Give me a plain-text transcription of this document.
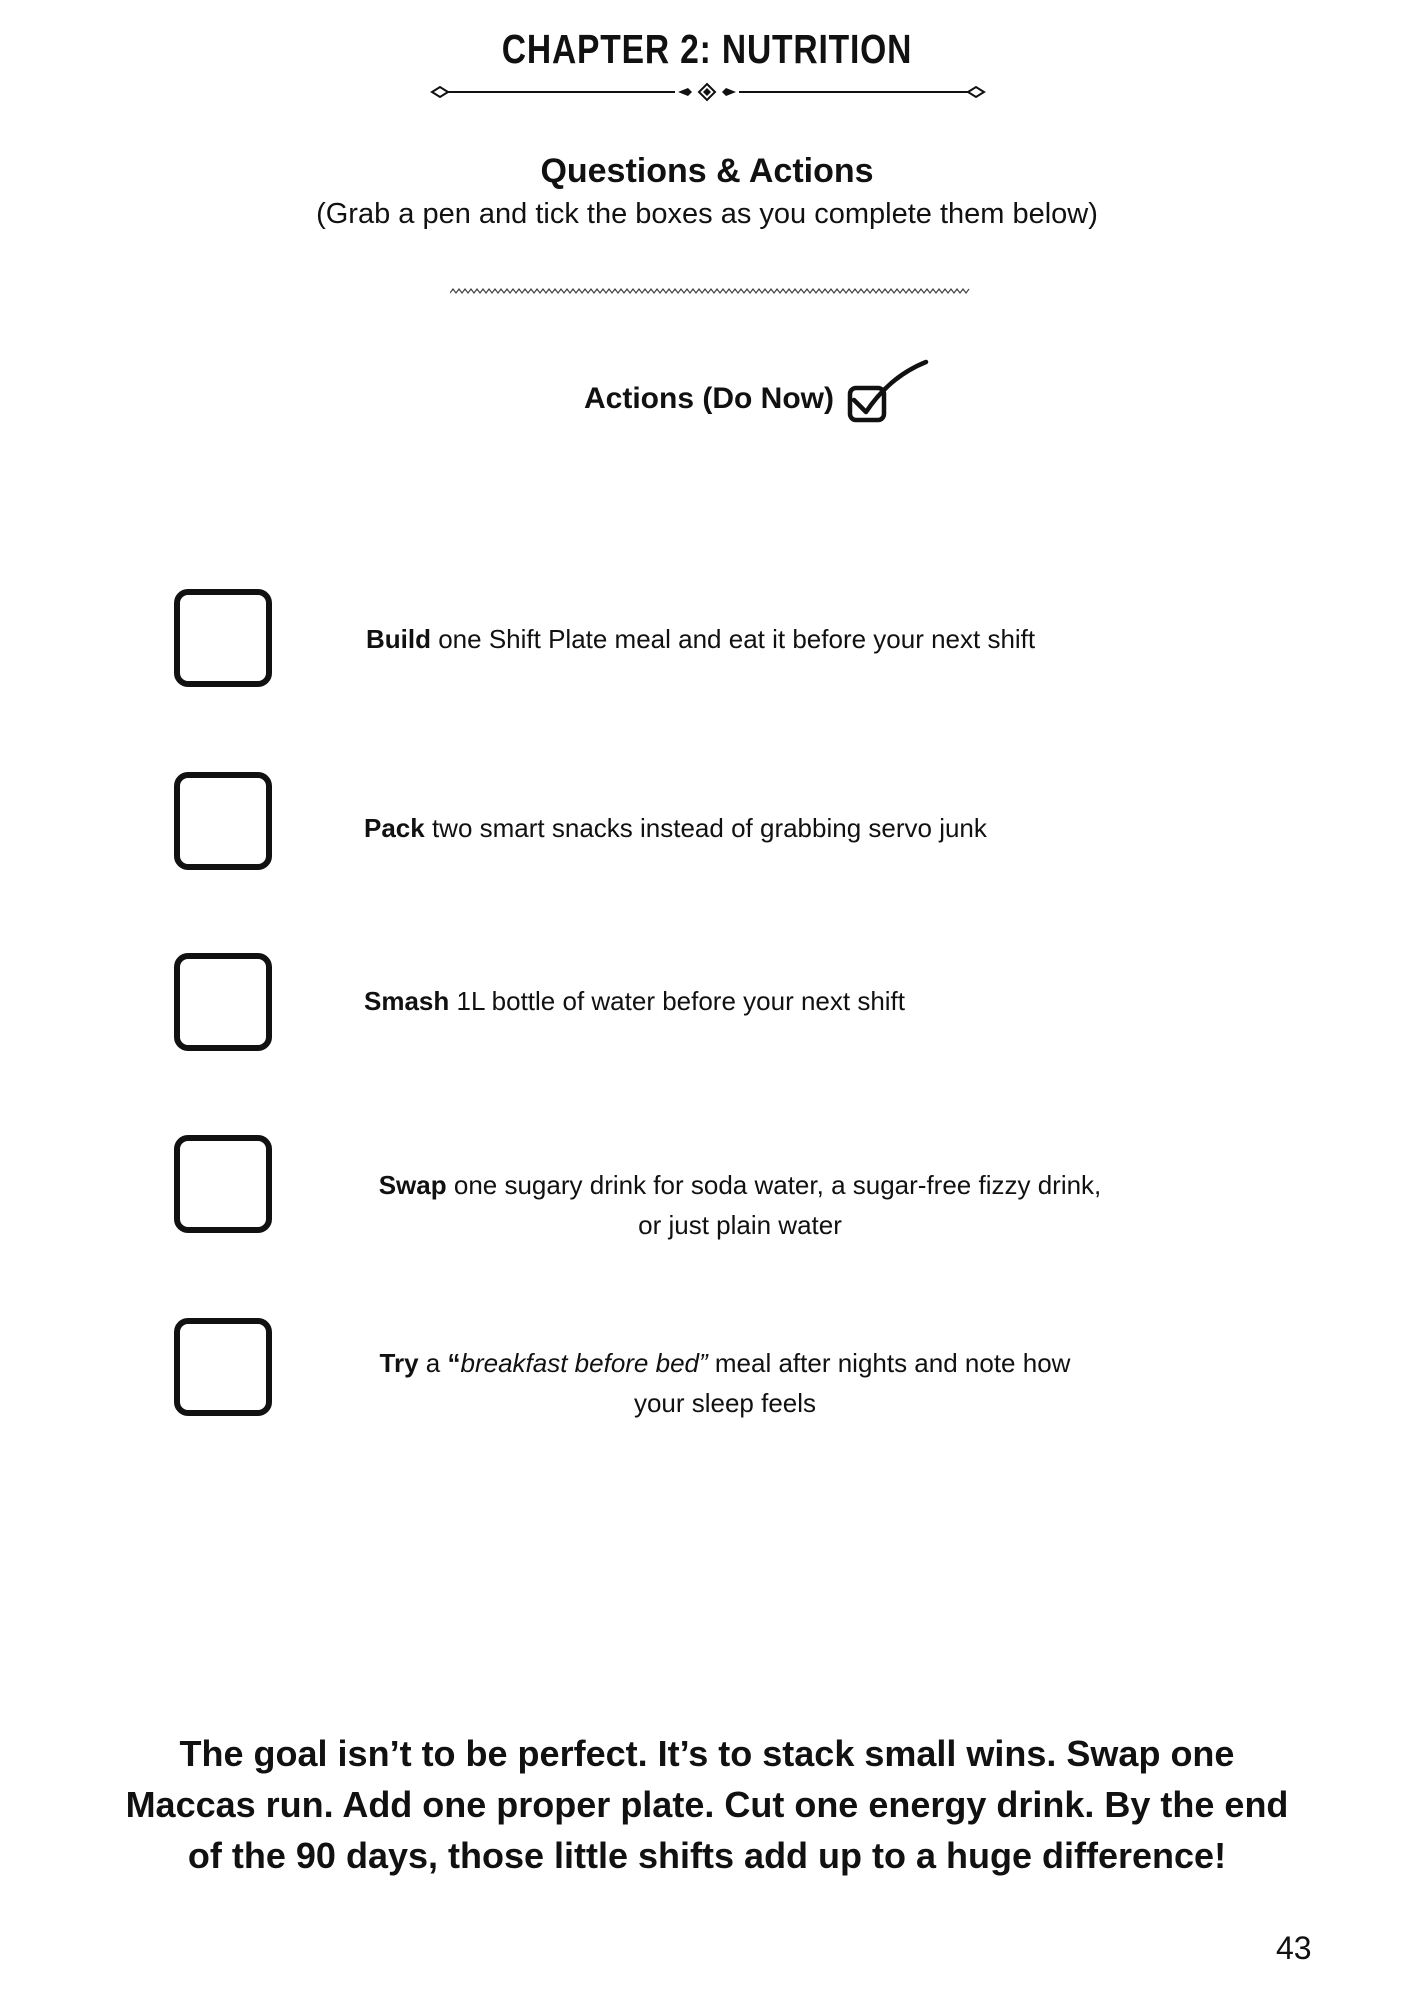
CHAPTER 2: NUTRITION
Questions & Actions
(Grab a pen and tick the boxes as you complete them below)
Actions (Do Now)
Build one Shift Plate meal and eat it before your next shift
Pack two smart snacks instead of grabbing servo junk
Smash 1L bottle of water before your next shift
Swap one sugary drink for soda water, a sugar-free fizzy drink,
or just plain water
Try a “breakfast before bed” meal after nights and note how
your sleep feels
The goal isn’t to be perfect. It’s to stack small wins. Swap one Maccas run. Add one proper plate. Cut one energy drink. By the end of the 90 days, those little shifts add up to a huge difference!
43
